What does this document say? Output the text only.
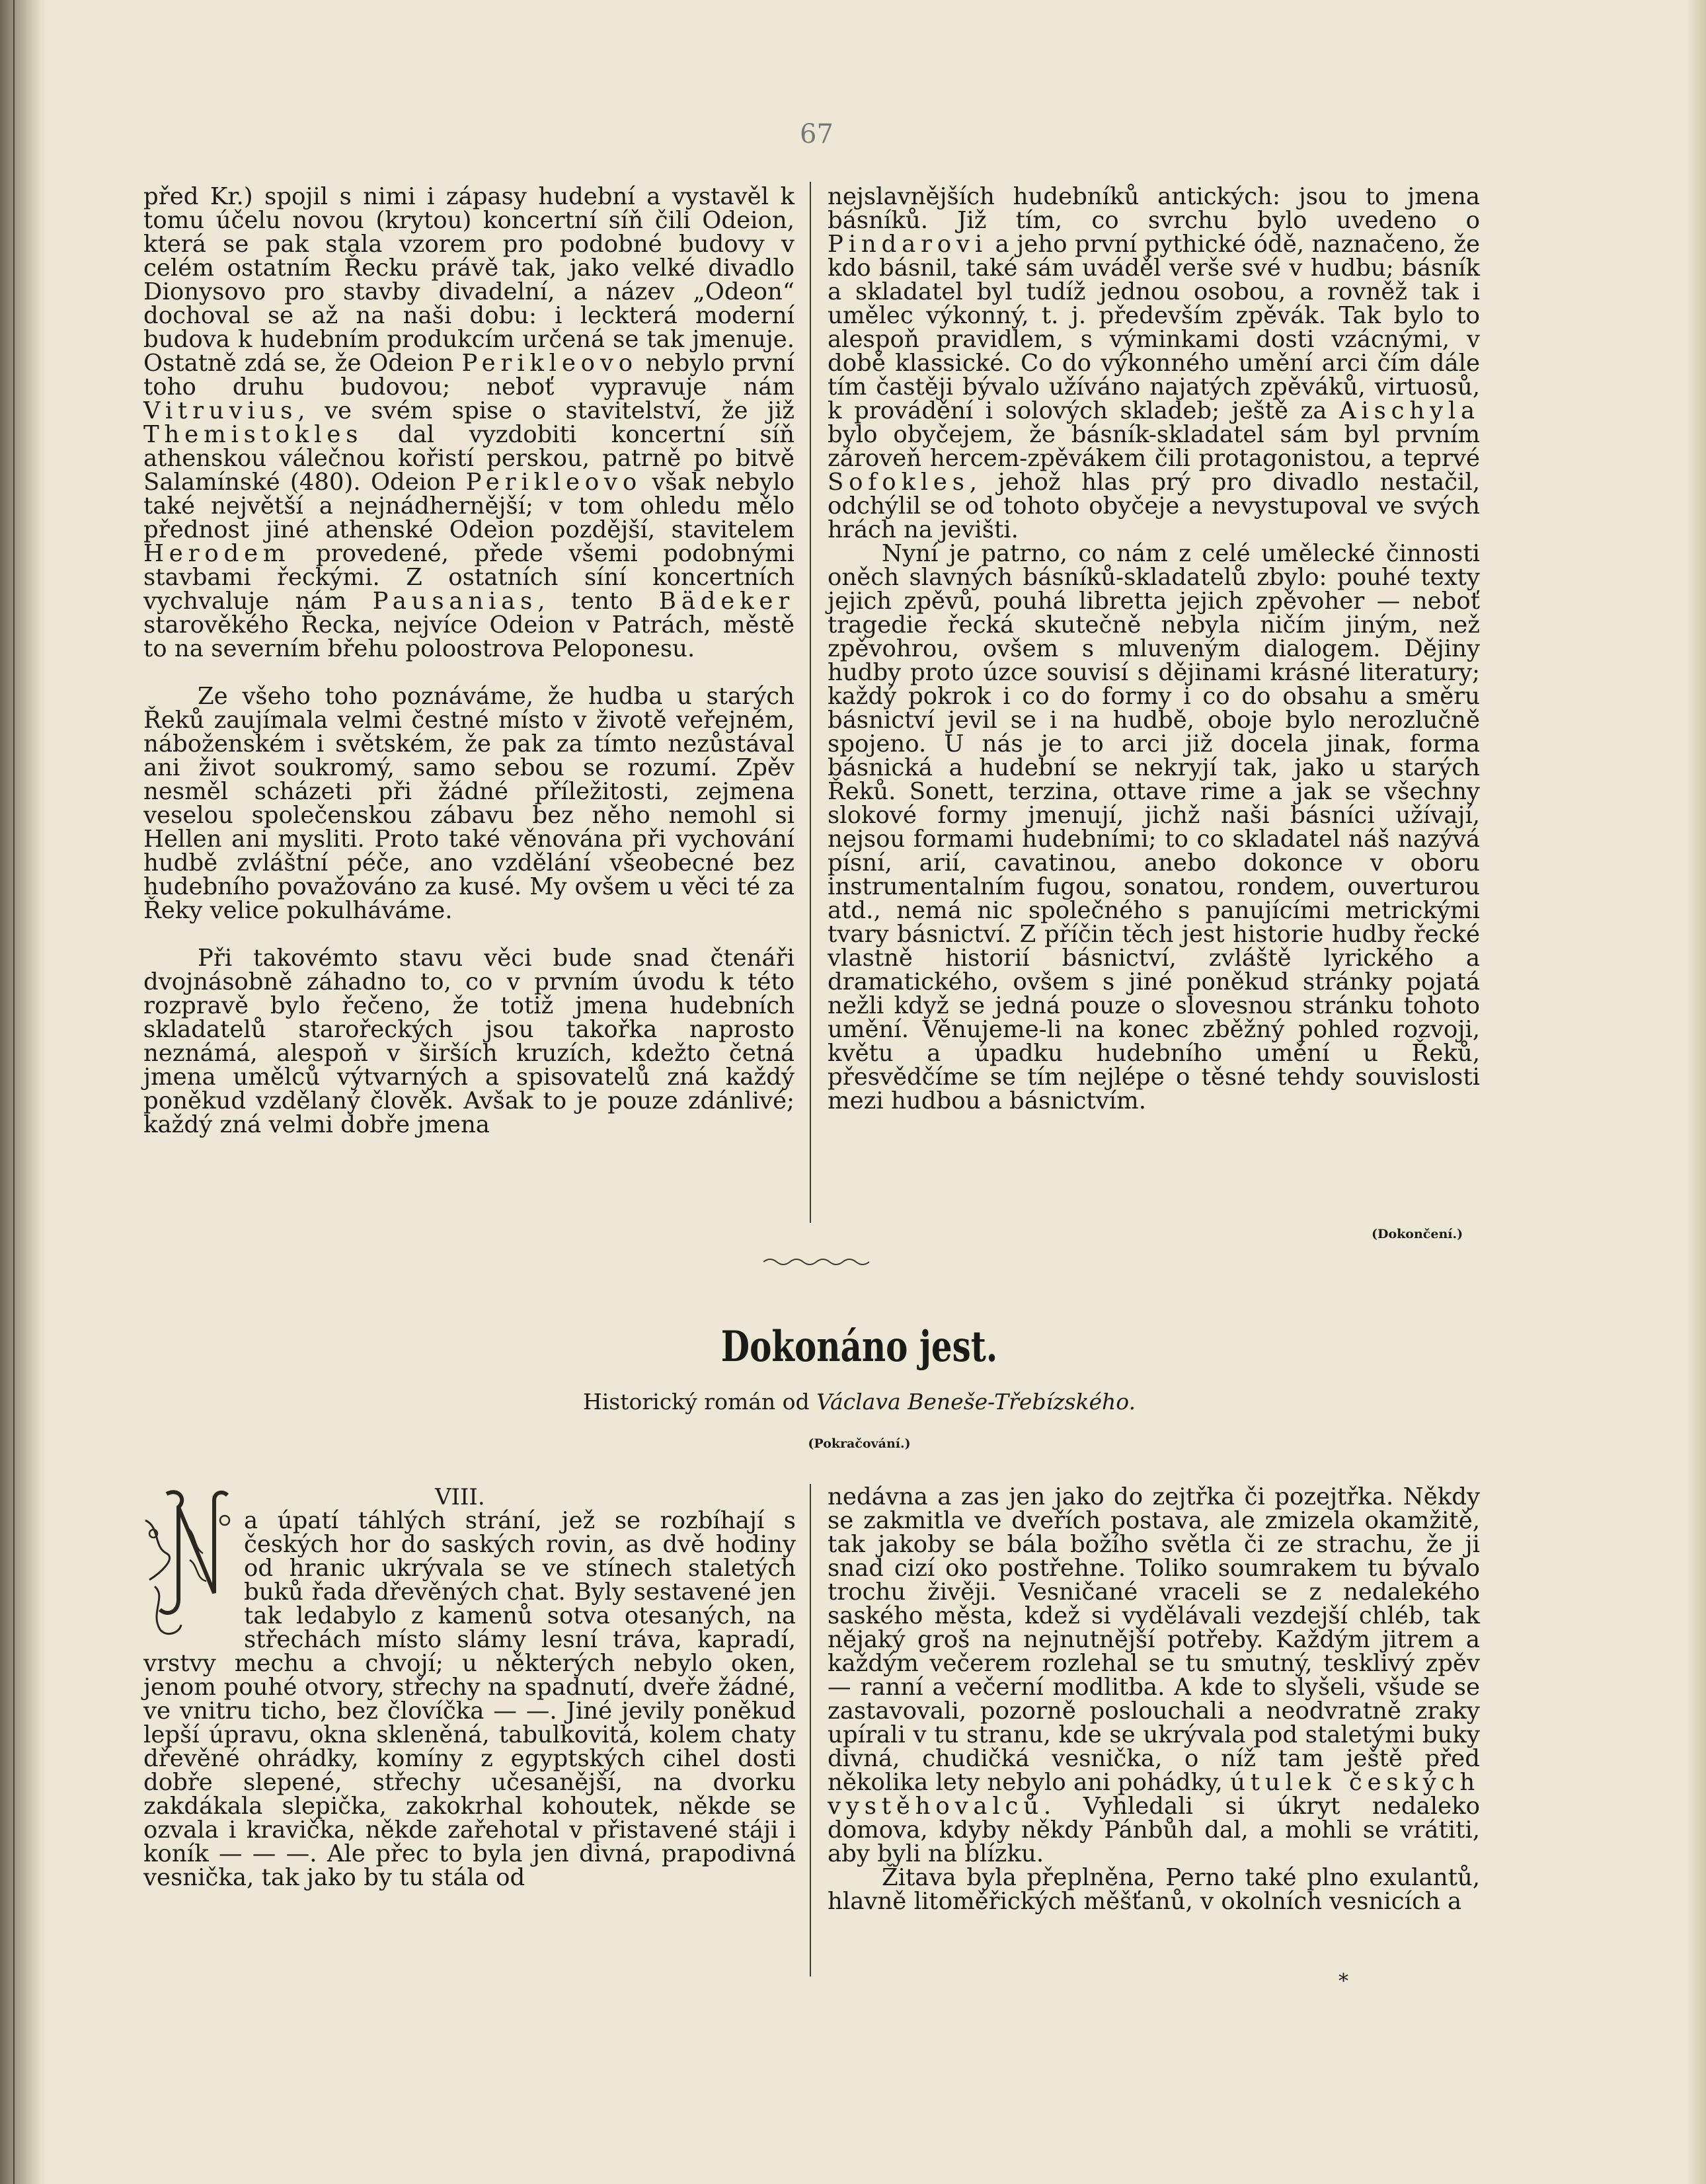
67

před Kr.) spojil s nimi i zápasy hudební a vystavěl k tomu účelu novou (krytou) koncertní síň čili Odeion, která se pak stala vzorem pro podobné budovy v celém ostatním Řecku právě tak, jako velké divadlo Dionysovo pro stavby divadelní, a název „Odeon“ dochoval se až na naši dobu: i leckterá moderní budova k hudebním produkcím určená se tak jmenuje. Ostatně zdá se, že Odeion Perikleovo nebylo první toho druhu budovou; neboť vypravuje nám Vitruvius, ve svém spise o stavitelství, že již Themistokles dal vyzdobiti koncertní síň athenskou válečnou kořistí perskou, patrně po bitvě Salamínské (480). Odeion Perikleovo však nebylo také největší a nejnádhernější; v tom ohledu mělo přednost jiné athenské Odeion pozdější, stavitelem Herodem provedené, přede všemi podobnými stavbami řeckými. Z ostatních síní koncertních vychvaluje nám Pausanias, tento Bädeker starověkého Řecka, nejvíce Odeion v Patrách, městě to na severním břehu poloostrova Peloponesu.

Ze všeho toho poznáváme, že hudba u starých Řeků zaujímala velmi čestné místo v životě veřejném, náboženském i světském, že pak za tímto nezůstával ani život soukromý, samo sebou se rozumí. Zpěv nesměl scházeti při žádné příležitosti, zejmena veselou společenskou zábavu bez něho nemohl si Hellen ani mysliti. Proto také věnována při vychování hudbě zvláštní péče, ano vzdělání všeobecné bez hudebního považováno za kusé. My ovšem u věci té za Řeky velice pokulháváme.

Při takovémto stavu věci bude snad čtenáři dvojnásobně záhadno to, co v prvním úvodu k této rozpravě bylo řečeno, že totiž jmena hudebních skladatelů starořeckých jsou takořka naprosto neznámá, alespoň v širších kruzích, kdežto četná jmena umělců výtvarných a spisovatelů zná každý poněkud vzdělaný člověk. Avšak to je pouze zdánlivé; každý zná velmi dobře jmena

nejslavnějších hudebníků antických: jsou to jmena básníků. Již tím, co svrchu bylo uvedeno o Pindarovi a jeho první pythické ódě, naznačeno, že kdo básnil, také sám uváděl verše své v hudbu; básník a skladatel byl tudíž jednou osobou, a rovněž tak i umělec výkonný, t. j. především zpěvák. Tak bylo to alespoň pravidlem, s výminkami dosti vzácnými, v době klassické. Co do výkonného umění arci čím dále tím častěji bývalo užíváno najatých zpěváků, virtuosů, k provádění i solových skladeb; ještě za Aischyla bylo obyčejem, že básník-skladatel sám byl prvním zároveň hercem-zpěvákem čili protagonistou, a teprvé Sofokles, jehož hlas prý pro divadlo nestačil, odchýlil se od tohoto obyčeje a nevystupoval ve svých hrách na jevišti.

Nyní je patrno, co nám z celé umělecké činnosti oněch slavných básníků-skladatelů zbylo: pouhé texty jejich zpěvů, pouhá libretta jejich zpěvoher — neboť tragedie řecká skutečně nebyla ničím jiným, než zpěvohrou, ovšem s mluveným dialogem. Dějiny hudby proto úzce souvisí s dějinami krásné literatury; každý pokrok i co do formy i co do obsahu a směru básnictví jevil se i na hudbě, oboje bylo nerozlučně spojeno. U nás je to arci již docela jinak, forma básnická a hudební se nekryjí tak, jako u starých Řeků. Sonett, terzina, ottave rime a jak se všechny slokové formy jmenují, jichž naši básníci užívají, nejsou formami hudebními; to co skladatel náš nazývá písní, arií, cavatinou, anebo dokonce v oboru instrumentalním fugou, sonatou, rondem, ouverturou atd., nemá nic společného s panujícími metrickými tvary básnictví. Z příčin těch jest historie hudby řecké vlastně historií básnictví, zvláště lyrického a dramatického, ovšem s jiné poněkud stránky pojatá nežli když se jedná pouze o slovesnou stránku tohoto umění. Věnujeme-li na konec zběžný pohled rozvoji, květu a úpadku hudebního umění u Řeků, přesvědčíme se tím nejlépe o těsné tehdy souvislosti mezi hudbou a básnictvím.

(Dokončení.)
Dokonáno jest.
Historický román od Václava Beneše-Třebízského.
(Pokračování.)
VIII.

a úpatí táhlých strání, jež se rozbíhají s českých hor do saských rovin, as dvě hodiny od hranic ukrývala se ve stínech staletých buků řada dřevěných chat. Byly sestavené jen tak ledabylo z kamenů sotva otesaných, na střechách místo slámy lesní tráva, kapradí, vrstvy mechu a chvojí; u některých nebylo oken, jenom pouhé otvory, střechy na spadnutí, dveře žádné, ve vnitru ticho, bez človíčka — —. Jiné jevily poněkud lepší úpravu, okna skleněná, tabulkovitá, kolem chaty dřevěné ohrádky, komíny z egyptských cihel dosti dobře slepené, střechy učesanější, na dvorku zakdákala slepička, zakokrhal kohoutek, někde se ozvala i kravička, někde zařehotal v přistavené stáji i koník — — —. Ale přec to byla jen divná, prapodivná vesnička, tak jako by tu stála od

nedávna a zas jen jako do zejtřka či pozejtřka. Někdy se zakmitla ve dveřích postava, ale zmizela okamžitě, tak jakoby se bála božího světla či ze strachu, že ji snad cizí oko postřehne. Toliko soumrakem tu bývalo trochu živěji. Vesničané vraceli se z nedalekého saského města, kdež si vydělávali vezdejší chléb, tak nějaký groš na nejnutnější potřeby. Každým jitrem a každým večerem rozlehal se tu smutný, tesklivý zpěv — ranní a večerní modlitba. A kde to slyšeli, všude se zastavovali, pozorně poslouchali a neodvratně zraky upírali v tu stranu, kde se ukrývala pod staletými buky divná, chudičká vesnička, o níž tam ještě před několika lety nebylo ani pohádky, útulek českých vystěhovalců. Vyhledali si úkryt nedaleko domova, kdyby někdy Pánbůh dal, a mohli se vrátiti, aby byli na blízku.

Žitava byla přeplněna, Perno také plno exulantů, hlavně litoměřických měšťanů, v okolních vesnicích a

*
